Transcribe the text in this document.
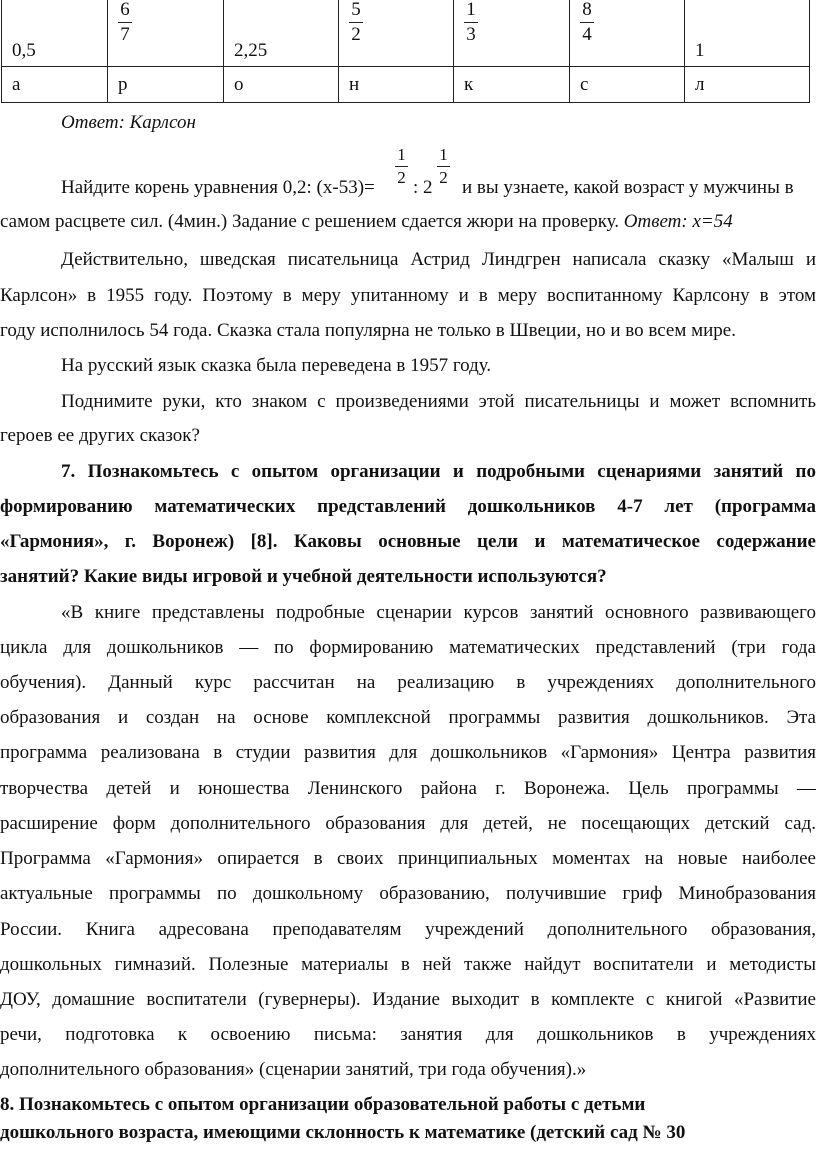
0,5	$\frac{6}{7}$	2,25	$\frac{5}{2}$	$\frac{1}{3}$	$\frac{8}{4}$	1
а	р	о	н	к	с	л
Ответ: Карлсон
1
2
1
2
Найдите корень уравнения 0,2: (х-53)= : 2 и вы узнаете, какой возраст у мужчины в
самом расцвете сил. (4мин.) Задание с решением сдается жюри на проверку. Ответ: х=54
Действительно, шведская писательница Астрид Линдгрен написала сказку «Малыш и
Карлсон» в 1955 году. Поэтому в меру упитанному и в меру воспитанному Карлсону в этом
году исполнилось 54 года. Сказка стала популярна не только в Швеции, но и во всем мире.
На русский язык сказка была переведена в 1957 году.
Поднимите руки, кто знаком с произведениями этой писательницы и может вспомнить
героев ее других сказок?
7. Познакомьтесь с опытом организации и подробными сценариями занятий по
формированию математических представлений дошкольников 4-7 лет (программа
«Гармония», г. Воронеж) [8]. Каковы основные цели и математическое содержание
занятий? Какие виды игровой и учебной деятельности используются?
«В книге представлены подробные сценарии курсов занятий основного развивающего
цикла для дошкольников — по формированию математических представлений (три года
обучения). Данный курс рассчитан на реализацию в учреждениях дополнительного
образования и создан на основе комплексной программы развития дошкольников. Эта
программа реализована в студии развития для дошкольников «Гармония» Центра развития
творчества детей и юношества Ленинского района г. Воронежа. Цель программы —
расширение форм дополнительного образования для детей, не посещающих детский сад.
Программа «Гармония» опирается в своих принципиальных моментах на новые наиболее
актуальные программы по дошкольному образованию, получившие гриф Минобразования
России. Книга адресована преподавателям учреждений дополнительного образования,
дошкольных гимназий. Полезные материалы в ней также найдут воспитатели и методисты
ДОУ, домашние воспитатели (гувернеры). Издание выходит в комплекте с книгой «Развитие
речи, подготовка к освоению письма: занятия для дошкольников в учреждениях
дополнительного образования» (сценарии занятий, три года обучения).»
8. Познакомьтесь с опытом организации образовательной работы с детьми
дошкольного возраста, имеющими склонность к математике (детский сад № 30
